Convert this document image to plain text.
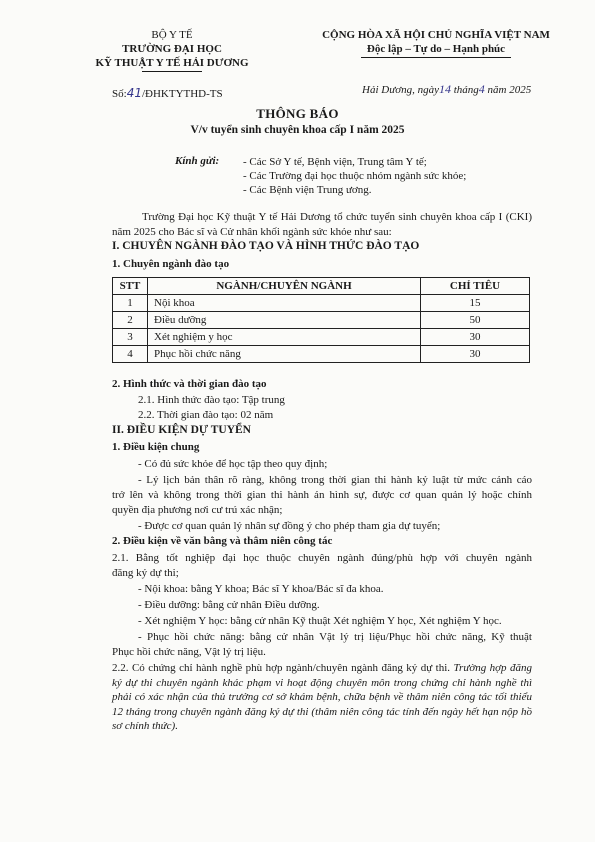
BỘ Y TẾ
TRƯỜNG ĐẠI HỌC
KỸ THUẬT Y TẾ HẢI DƯƠNG
CỘNG HÒA XÃ HỘI CHỦ NGHĨA VIỆT NAM
Độc lập – Tự do – Hạnh phúc
Số:41/ĐHKTYTHD-TS	Hải Dương, ngày14 tháng4 năm 2025
THÔNG BÁO
V/v tuyển sinh chuyên khoa cấp I năm 2025
Kính gửi: - Các Sở Y tế, Bệnh viện, Trung tâm Y tế;
- Các Trường đại học thuộc nhóm ngành sức khỏe;
- Các Bệnh viện Trung ương.
Trường Đại học Kỹ thuật Y tế Hải Dương tổ chức tuyển sinh chuyên khoa cấp I (CKI) năm 2025 cho Bác sĩ và Cử nhân khối ngành sức khỏe như sau:
I. CHUYÊN NGÀNH ĐÀO TẠO VÀ HÌNH THỨC ĐÀO TẠO
1. Chuyên ngành đào tạo
STT	NGÀNH/CHUYÊN NGÀNH	CHỈ TIÊU
1	Nội khoa	15
2	Điều dưỡng	50
3	Xét nghiệm y học	30
4	Phục hồi chức năng	30
2. Hình thức và thời gian đào tạo
2.1. Hình thức đào tạo: Tập trung
2.2. Thời gian đào tạo: 02 năm
II. ĐIỀU KIỆN DỰ TUYỂN
1. Điều kiện chung
- Có đủ sức khỏe để học tập theo quy định;
- Lý lịch bản thân rõ ràng, không trong thời gian thi hành kỷ luật từ mức cảnh cáo
trở lên và không trong thời gian thi hành án hình sự, được cơ quan quản lý hoặc chính
quyền địa phương nơi cư trú xác nhận;
- Được cơ quan quản lý nhân sự đồng ý cho phép tham gia dự tuyển;
2. Điều kiện về văn bằng và thâm niên công tác
2.1. Bằng tốt nghiệp đại học thuộc chuyên ngành đúng/phù hợp với chuyên ngành
đăng ký dự thi;
- Nội khoa: bằng Y khoa; Bác sĩ Y khoa/Bác sĩ đa khoa.
- Điều dưỡng: bằng cử nhân Điều dưỡng.
- Xét nghiệm Y học: bằng cử nhân Kỹ thuật Xét nghiệm Y học, Xét nghiệm Y học.
- Phục hồi chức năng: bằng cử nhân Vật lý trị liệu/Phục hồi chức năng, Kỹ thuật
Phục hồi chức năng, Vật lý trị liệu.
2.2. Có chứng chỉ hành nghề phù hợp ngành/chuyên ngành đăng ký dự thi. Trường hợp đăng ký dự thi chuyên ngành khác phạm vi hoạt động chuyên môn trong chứng chỉ hành nghề thì phải có xác nhận của thủ trưởng cơ sở khám bệnh, chữa bệnh về thâm niên công tác tối thiểu 12 tháng trong chuyên ngành đăng ký dự thi (thâm niên công tác tính đến ngày hết hạn nộp hồ sơ chính thức).
